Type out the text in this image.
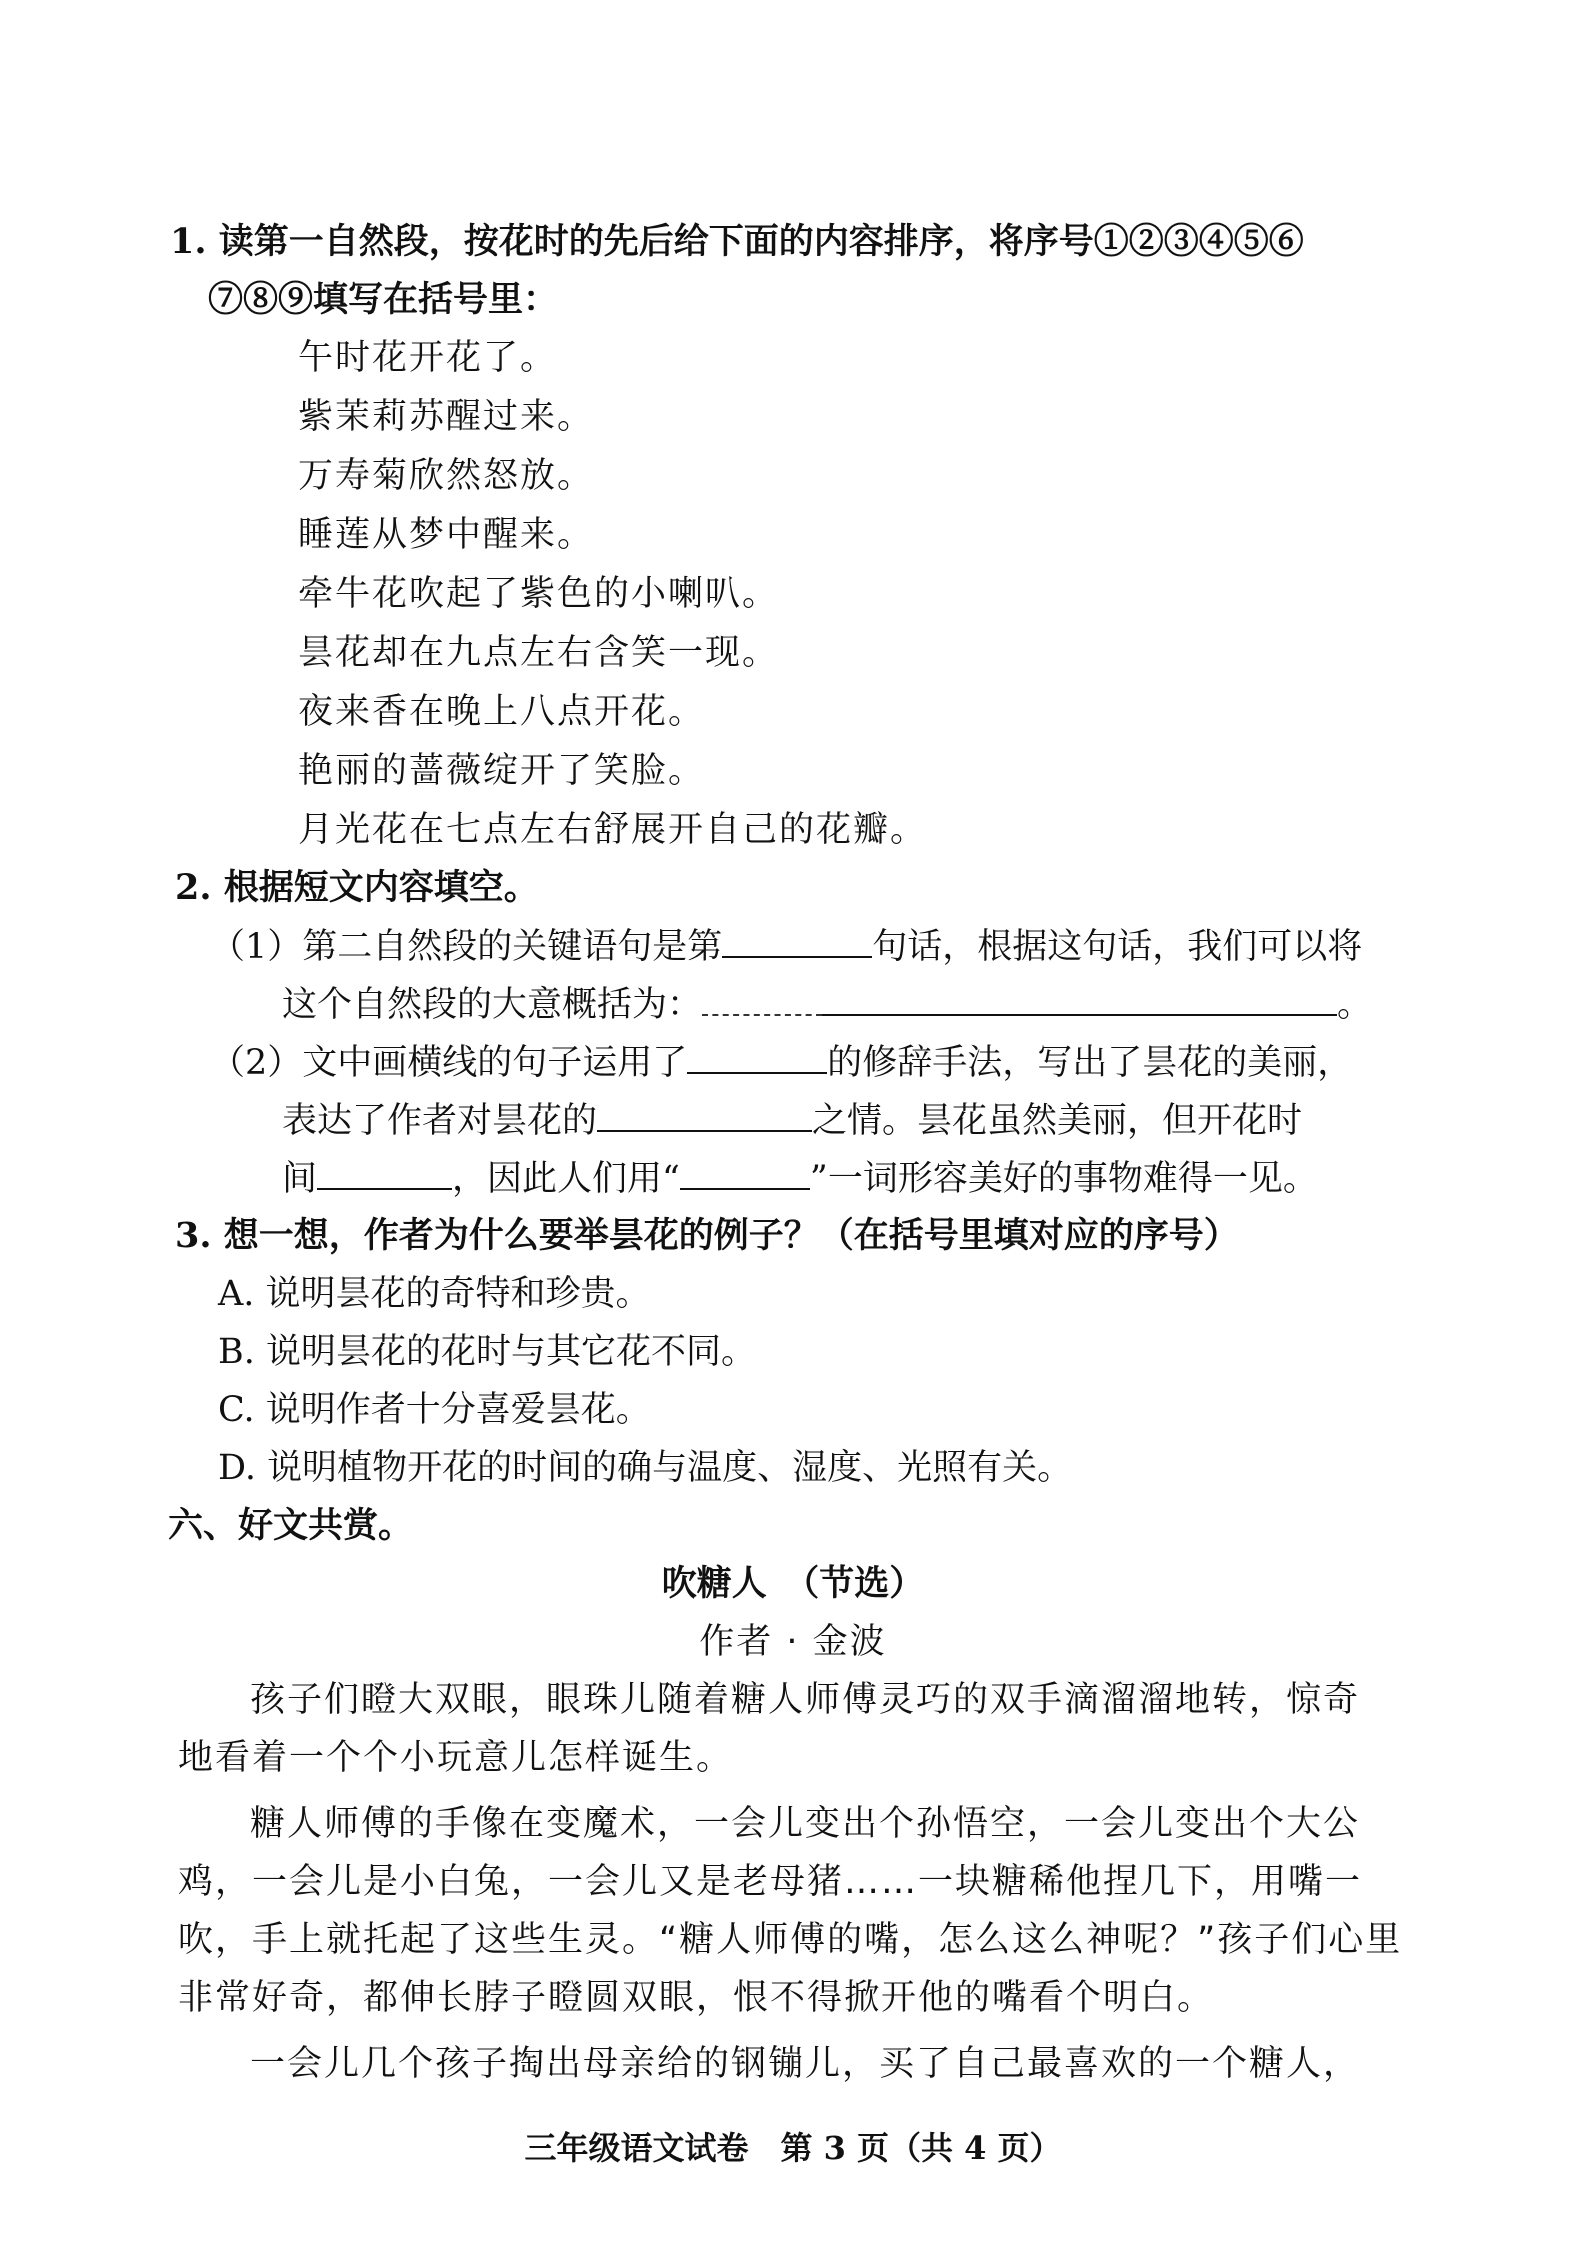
1. 读第一自然段，按花时的先后给下面的内容排序，将序号①②③④⑤⑥
⑦⑧⑨填写在括号里：
午时花开花了。
紫茉莉苏醒过来。
万寿菊欣然怒放。
睡莲从梦中醒来。
牵牛花吹起了紫色的小喇叭。
昙花却在九点左右含笑一现。
夜来香在晚上八点开花。
艳丽的蔷薇绽开了笑脸。
月光花在七点左右舒展开自己的花瓣。
2. 根据短文内容填空。
（1）第二自然段的关键语句是第	句话，根据这句话，我们可以将
这个自然段的大意概括为：	。
（2）文中画横线的句子运用了	的修辞手法，写出了昙花的美丽，
表达了作者对昙花的	之情。昙花虽然美丽，但开花时
间	，因此人们用“	”一词形容美好的事物难得一见。
3. 想一想，作者为什么要举昙花的例子？（在括号里填对应的序号）
A. 说明昙花的奇特和珍贵。
B. 说明昙花的花时与其它花不同。
C. 说明作者十分喜爱昙花。
D. 说明植物开花的时间的确与温度、湿度、光照有关。
六、好文共赏。
吹糖人　（节选）
作者 · 金波
孩子们瞪大双眼，眼珠儿随着糖人师傅灵巧的双手滴溜溜地转，惊奇
地看着一个个小玩意儿怎样诞生。
糖人师傅的手像在变魔术，一会儿变出个孙悟空，一会儿变出个大公
鸡，一会儿是小白兔，一会儿又是老母猪……一块糖稀他捏几下，用嘴一
吹，手上就托起了这些生灵。“糖人师傅的嘴，怎么这么神呢？”孩子们心里
非常好奇，都伸长脖子瞪圆双眼，恨不得掀开他的嘴看个明白。
一会儿几个孩子掏出母亲给的钢镚儿，买了自己最喜欢的一个糖人，
三年级语文试卷　第 3 页（共 4 页）
